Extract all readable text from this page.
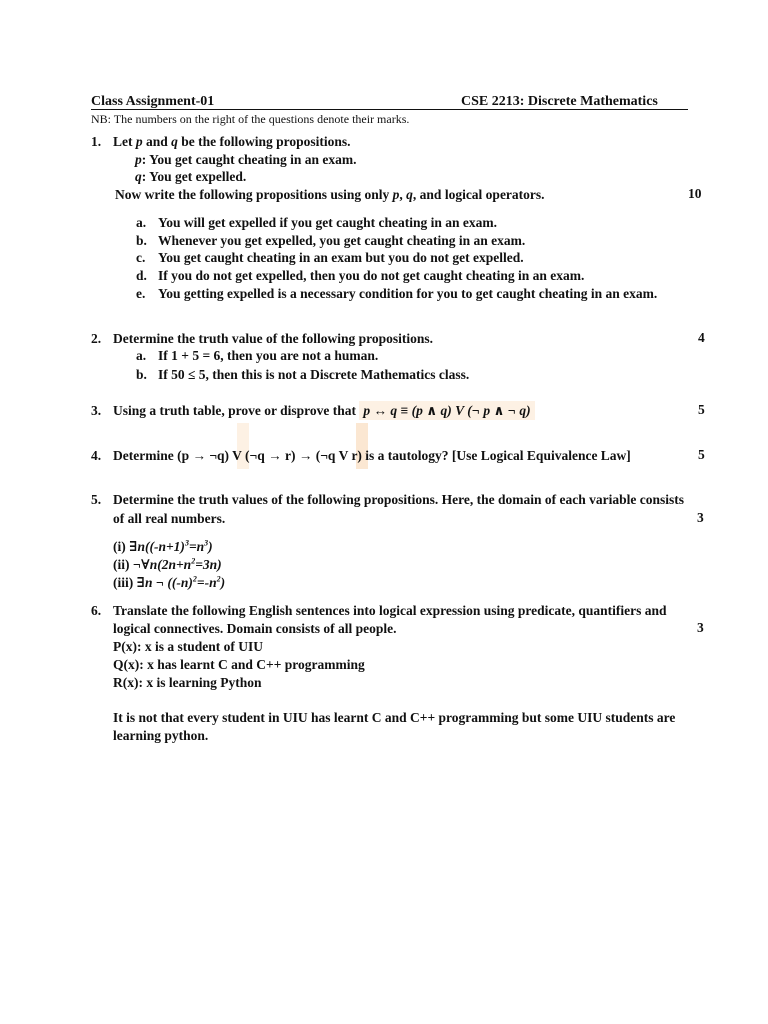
Class Assignment-01	CSE 2213: Discrete Mathematics
NB: The numbers on the right of the questions denote their marks.
1. Let p and q be the following propositions.
p: You get caught cheating in an exam.
q: You get expelled.
Now write the following propositions using only p, q, and logical operators.	10
a. You will get expelled if you get caught cheating in an exam.
b. Whenever you get expelled, you get caught cheating in an exam.
c. You get caught cheating in an exam but you do not get expelled.
d. If you do not get expelled, then you do not get caught cheating in an exam.
e. You getting expelled is a necessary condition for you to get caught cheating in an exam.
2. Determine the truth value of the following propositions.	4
a. If 1 + 5 = 6, then you are not a human.
b. If 50 ≤ 5, then this is not a Discrete Mathematics class.
3. Using a truth table, prove or disprove that p ↔ q ≡ (p ∧ q) V (¬ p ∧ ¬ q)	5
4. Determine (p → ¬q) V (¬q → r) → (¬q V r) is a tautology? [Use Logical Equivalence Law]	5
5. Determine the truth values of the following propositions. Here, the domain of each variable consists
of all real numbers.	3
(i) $\exists n((-n+1)^3=n^3)$
(ii) $\neg\forall n(2n+n^2=3n)$
(iii) ∃n ¬ $((-n)^2=-n^2)$
6. Translate the following English sentences into logical expression using predicate, quantifiers and
logical connectives. Domain consists of all people.	3
P(x): x is a student of UIU
Q(x): x has learnt C and C++ programming
R(x): x is learning Python
It is not that every student in UIU has learnt C and C++ programming but some UIU students are
learning python.
